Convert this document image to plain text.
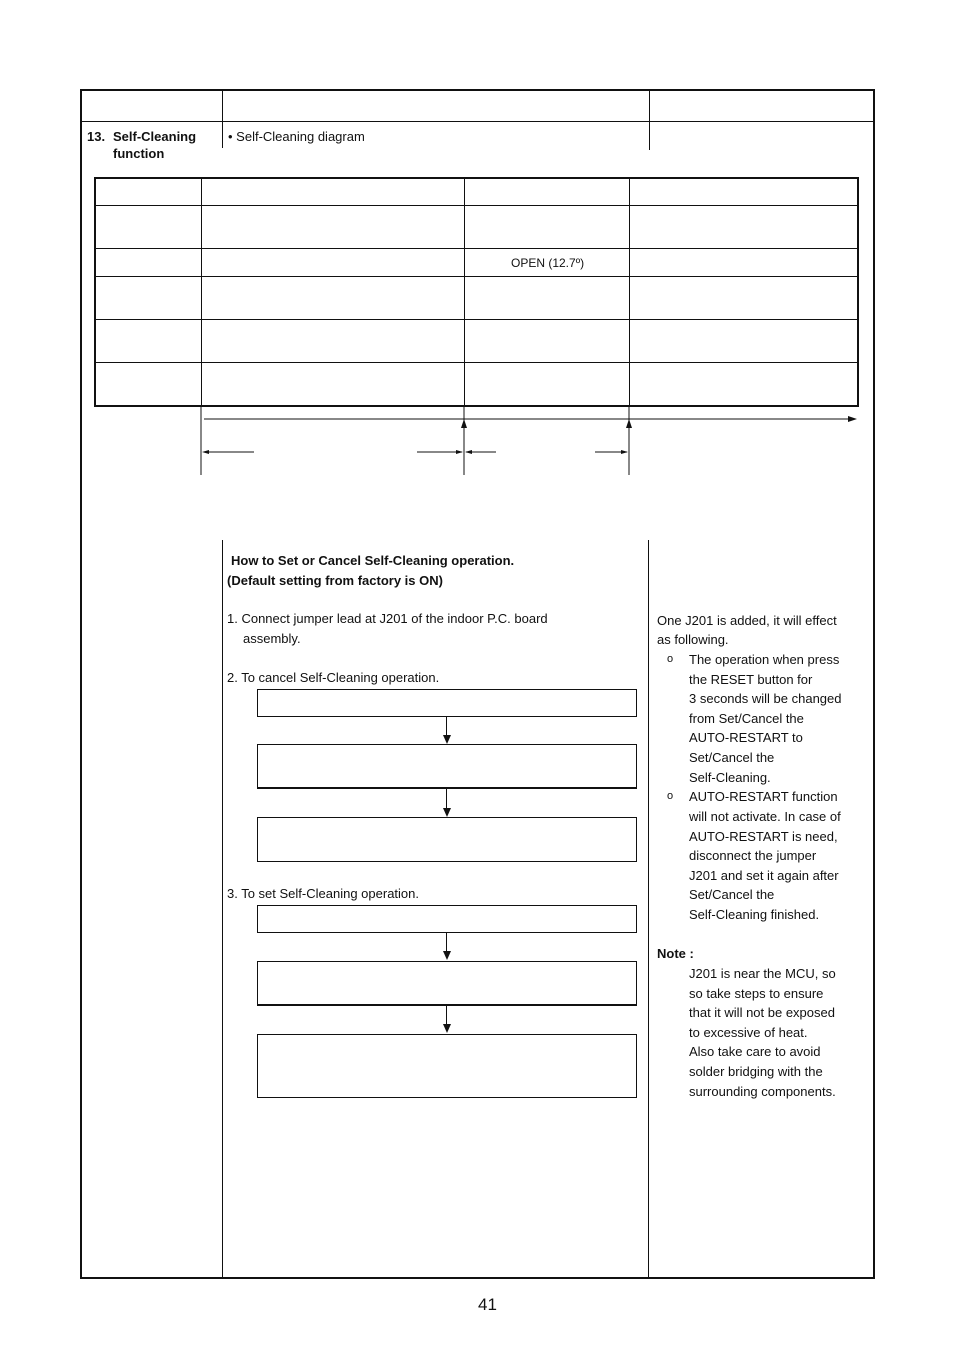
13. Self-Cleaning
function
• Self-Cleaning diagram
OPEN (12.7º)
How to Set or Cancel Self-Cleaning operation.
(Default setting from factory is ON)
1. Connect jumper lead at J201 of the indoor P.C. board
assembly.
2. To cancel Self-Cleaning operation.
3. To set Self-Cleaning operation.
One J201 is added, it will effect
as following.
o The operation when press
the RESET button for
3 seconds will be changed
from Set/Cancel the
AUTO-RESTART to
Set/Cancel the
Self-Cleaning.
o AUTO-RESTART function
will not activate. In case of
AUTO-RESTART is need,
disconnect the jumper
J201 and set it again after
Set/Cancel the
Self-Cleaning finished.
Note :
J201 is near the MCU, so
so take steps to ensure
that it will not be exposed
to excessive of heat.
Also take care to avoid
solder bridging with the
surrounding components.
41
